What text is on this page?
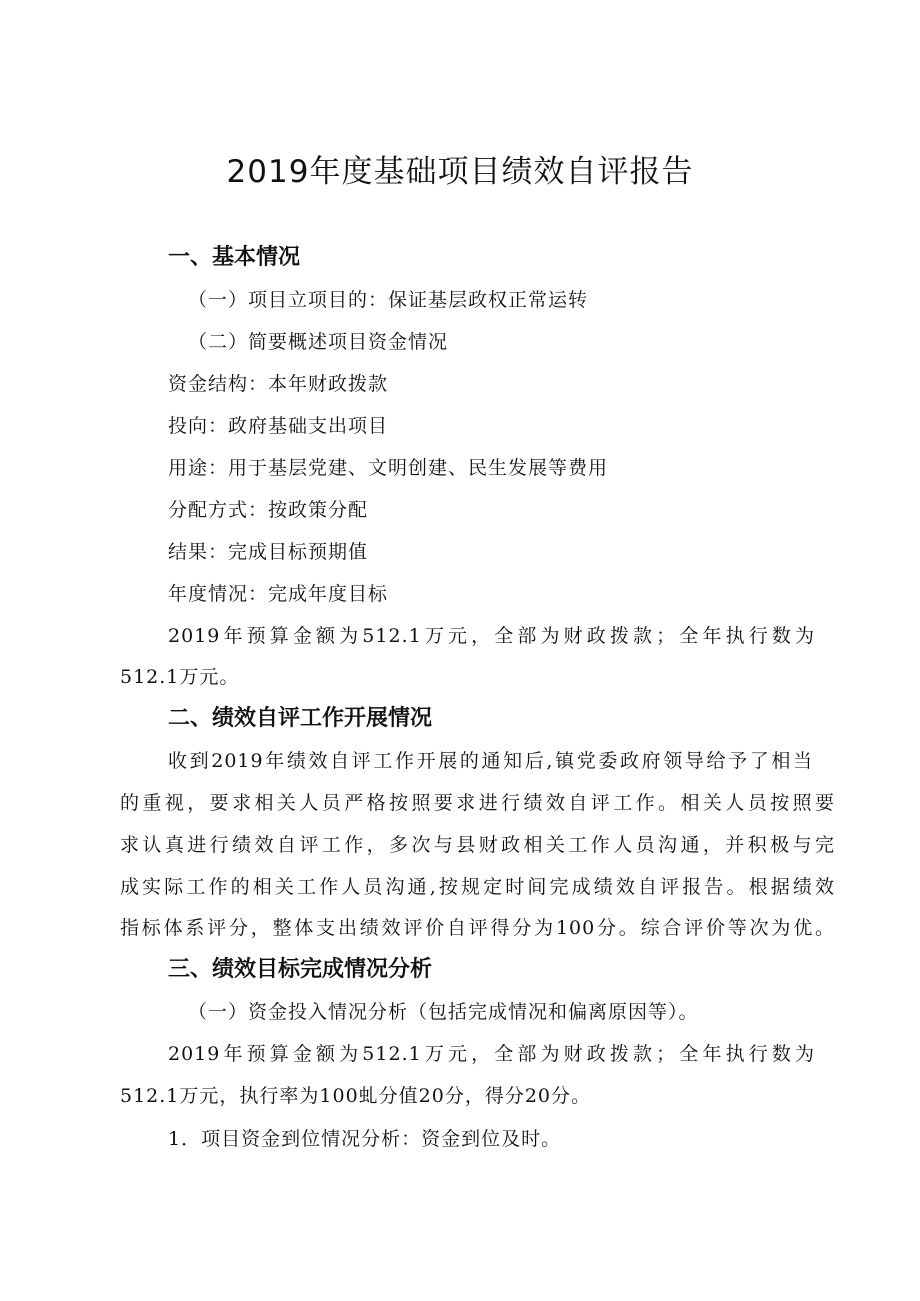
2019年度基础项目绩效自评报告
一、基本情况
（一）项目立项目的：保证基层政权正常运转
（二）简要概述项目资金情况
资金结构：本年财政拨款
投向：政府基础支出项目
用途：用于基层党建、文明创建、民生发展等费用
分配方式：按政策分配
结果：完成目标预期值
年度情况：完成年度目标
2019年预算金额为512.1万元，全部为财政拨款；全年执行数为
512.1万元。
二、绩效自评工作开展情况
收到2019年绩效自评工作开展的通知后,镇党委政府领导给予了相当
的重视，要求相关人员严格按照要求进行绩效自评工作。相关人员按照要
求认真进行绩效自评工作，多次与县财政相关工作人员沟通，并积极与完
成实际工作的相关工作人员沟通,按规定时间完成绩效自评报告。根据绩效
指标体系评分，整体支出绩效评价自评得分为100分。综合评价等次为优。
三、绩效目标完成情况分析
（一）资金投入情况分析（包括完成情况和偏离原因等）。
2019年预算金额为512.1万元，全部为财政拨款；全年执行数为
512.1万元，执行率为100虬分值20分，得分20分。
1．项目资金到位情况分析：资金到位及时。
